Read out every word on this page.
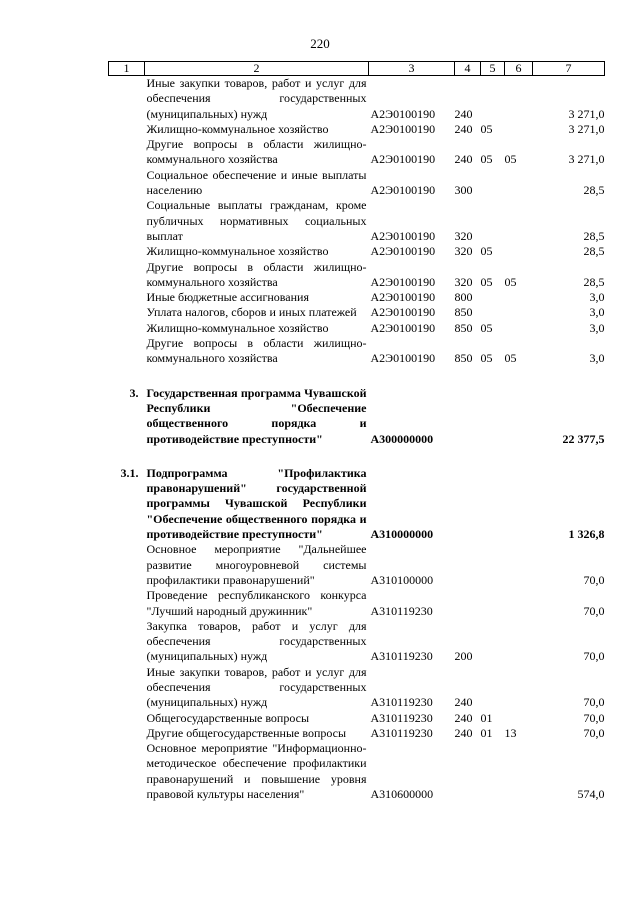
220
1	2	3	4	5	6	7
	Иные закупки товаров, работ и услуг для обеспечения государственных (муниципальных) нужд	А2Э0100190	240			3 271,0
	Жилищно-коммунальное хозяйство	А2Э0100190	240	05		3 271,0
	Другие вопросы в области жилищно-коммунального хозяйства	А2Э0100190	240	05	05	3 271,0
	Социальное обеспечение и иные выплаты населению	А2Э0100190	300			28,5
	Социальные выплаты гражданам, кроме публичных нормативных социальных выплат	А2Э0100190	320			28,5
	Жилищно-коммунальное хозяйство	А2Э0100190	320	05		28,5
	Другие вопросы в области жилищно-коммунального хозяйства	А2Э0100190	320	05	05	28,5
	Иные бюджетные ассигнования	А2Э0100190	800			3,0
	Уплата налогов, сборов и иных платежей	А2Э0100190	850			3,0
	Жилищно-коммунальное хозяйство	А2Э0100190	850	05		3,0
	Другие вопросы в области жилищно-коммунального хозяйства	А2Э0100190	850	05	05	3,0

3.	Государственная программа Чувашской Республики "Обеспечение общественного порядка и противодействие преступности"	А300000000				22 377,5

3.1.	Подпрограмма "Профилактика правонарушений" государственной программы Чувашской Республики "Обеспечение общественного порядка и противодействие преступности"	А310000000				1 326,8
	Основное мероприятие "Дальнейшее развитие многоуровневой системы профилактики правонарушений"	А310100000				70,0
	Проведение республиканского конкурса "Лучший народный дружинник"	А310119230				70,0
	Закупка товаров, работ и услуг для обеспечения государственных (муниципальных) нужд	А310119230	200			70,0
	Иные закупки товаров, работ и услуг для обеспечения государственных (муниципальных) нужд	А310119230	240			70,0
	Общегосударственные вопросы	А310119230	240	01		70,0
	Другие общегосударственные вопросы	А310119230	240	01	13	70,0
	Основное мероприятие "Информационно-методическое обеспечение профилактики правонарушений и повышение уровня правовой культуры населения"	А310600000				574,0
